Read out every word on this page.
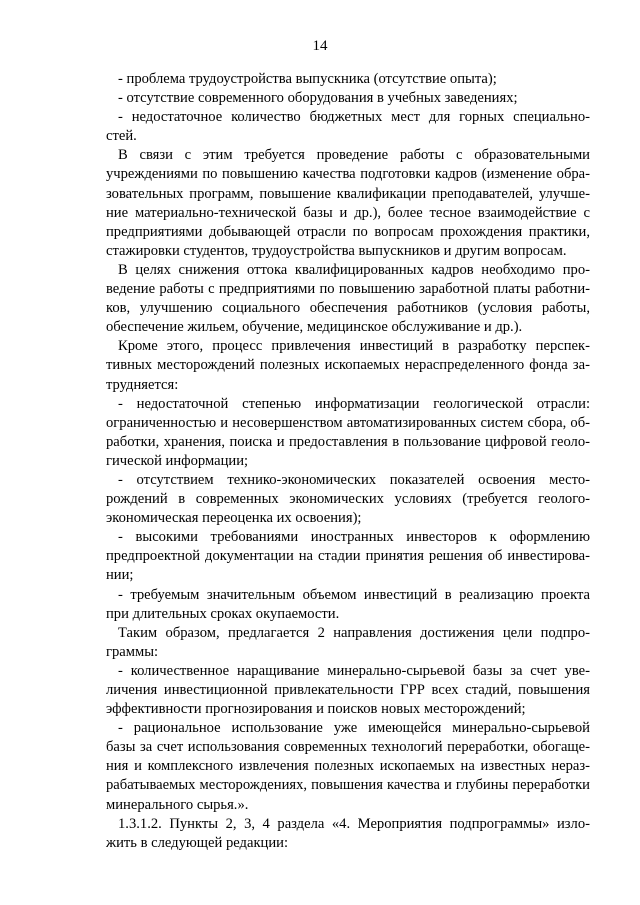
14
- проблема трудоустройства выпускника (отсутствие опыта);
- отсутствие современного оборудования в учебных заведениях;
- недостаточное количество бюджетных мест для горных специально-
стей.
В связи с этим требуется проведение работы с образовательными
учреждениями по повышению качества подготовки кадров (изменение обра-
зовательных программ, повышение квалификации преподавателей, улучше-
ние материально-технической базы и др.), более тесное взаимодействие с
предприятиями добывающей отрасли по вопросам прохождения практики,
стажировки студентов, трудоустройства выпускников и другим вопросам.
В целях снижения оттока квалифицированных кадров необходимо про-
ведение работы с предприятиями по повышению заработной платы работни-
ков, улучшению социального обеспечения работников (условия работы,
обеспечение жильем, обучение, медицинское обслуживание и др.).
Кроме этого, процесс привлечения инвестиций в разработку перспек-
тивных месторождений полезных ископаемых нераспределенного фонда за-
трудняется:
- недостаточной степенью информатизации геологической отрасли:
ограниченностью и несовершенством автоматизированных систем сбора, об-
работки, хранения, поиска и предоставления в пользование цифровой геоло-
гической информации;
- отсутствием технико-экономических показателей освоения место-
рождений в современных экономических условиях (требуется геолого-
экономическая переоценка их освоения);
- высокими требованиями иностранных инвесторов к оформлению
предпроектной документации на стадии принятия решения об инвестирова-
нии;
- требуемым значительным объемом инвестиций в реализацию проекта
при длительных сроках окупаемости.
Таким образом, предлагается 2 направления достижения цели подпро-
граммы:
- количественное наращивание минерально-сырьевой базы за счет уве-
личения инвестиционной привлекательности ГРР всех стадий, повышения
эффективности прогнозирования и поисков новых месторождений;
- рациональное использование уже имеющейся минерально-сырьевой
базы за счет использования современных технологий переработки, обогаще-
ния и комплексного извлечения полезных ископаемых на известных нераз-
рабатываемых месторождениях, повышения качества и глубины переработки
минерального сырья.».
1.3.1.2. Пункты 2, 3, 4 раздела «4. Мероприятия подпрограммы» изло-
жить в следующей редакции:
